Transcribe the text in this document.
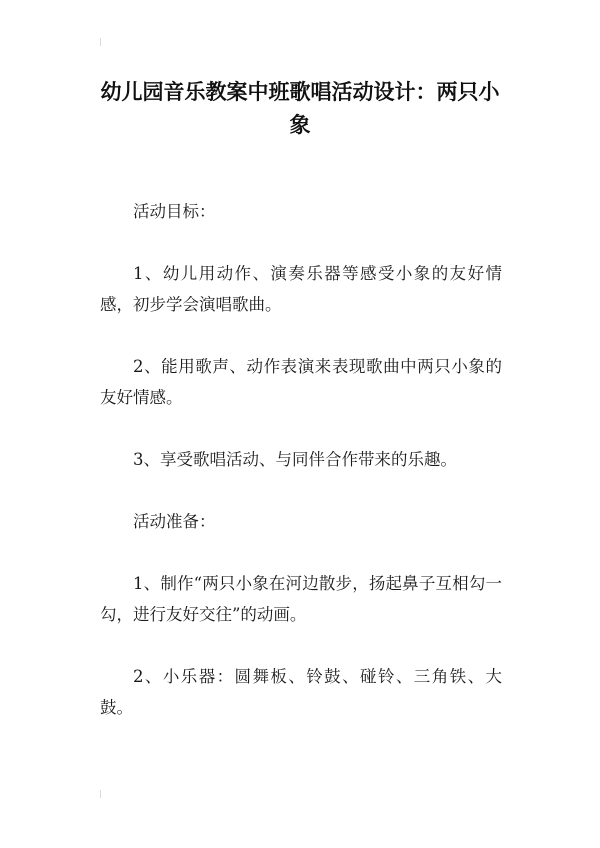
幼儿园音乐教案中班歌唱活动设计：两只小象

活动目标：

1、幼儿用动作、演奏乐器等感受小象的友好情感，初步学会演唱歌曲。

2、能用歌声、动作表演来表现歌曲中两只小象的友好情感。

3、享受歌唱活动、与同伴合作带来的乐趣。

活动准备：

1、制作“两只小象在河边散步，扬起鼻子互相勾一勾，进行友好交往”的动画。

2、小乐器：圆舞板、铃鼓、碰铃、三角铁、大鼓。
